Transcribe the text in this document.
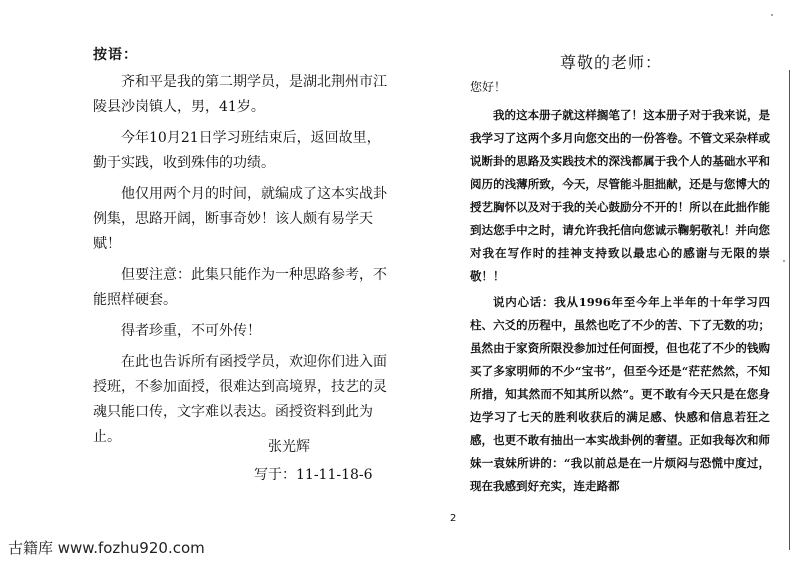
按语：

齐和平是我的第二期学员，是湖北荆州市江陵县沙岗镇人，男，41岁。

今年10月21日学习班结束后，返回故里，勤于实践，收到殊伟的功绩。

他仅用两个月的时间，就编成了这本实战卦例集，思路开阔，断事奇妙！该人颇有易学天赋！

但要注意：此集只能作为一种思路参考，不能照样硬套。

得者珍重，不可外传！

在此也告诉所有函授学员，欢迎你们进入面授班，不参加面授，很难达到高境界，技艺的灵魂只能口传，文字难以表达。函授资料到此为止。

张光辉
写于：11-11-18-6
尊敬的老师：
您好！

我的这本册子就这样搁笔了！这本册子对于我来说，是我学习了这两个多月向您交出的一份答卷。不管文采杂样或说断卦的思路及实践技术的深浅都属于我个人的基础水平和阅历的浅薄所致，今天，尽管能斗胆拙献，还是与您博大的授艺胸怀以及对于我的关心鼓励分不开的！所以在此拙作能到达您手中之时，请允许我托信向您诚示鞠躬敬礼！并向您对我在写作时的挂神支持致以最忠心的感谢与无限的崇敬！！

说内心话：我从1996年至今年上半年的十年学习四柱、六爻的历程中，虽然也吃了不少的苦、下了无数的功；虽然由于家资所限没参加过任何面授，但也花了不少的钱购买了多家明师的不少“宝书”，但至今还是“茫茫然然，不知所措，知其然而不知其所以然”。更不敢有今天只是在您身边学习了七天的胜利收获后的满足感、快感和信息若狂之感，也更不敢有抽出一本实战卦例的奢望。正如我每次和师妹一袁妹所讲的：“我以前总是在一片烦闷与恐慌中度过，现在我感到好充实，连走路都

2
古籍库 www.fozhu920.com
